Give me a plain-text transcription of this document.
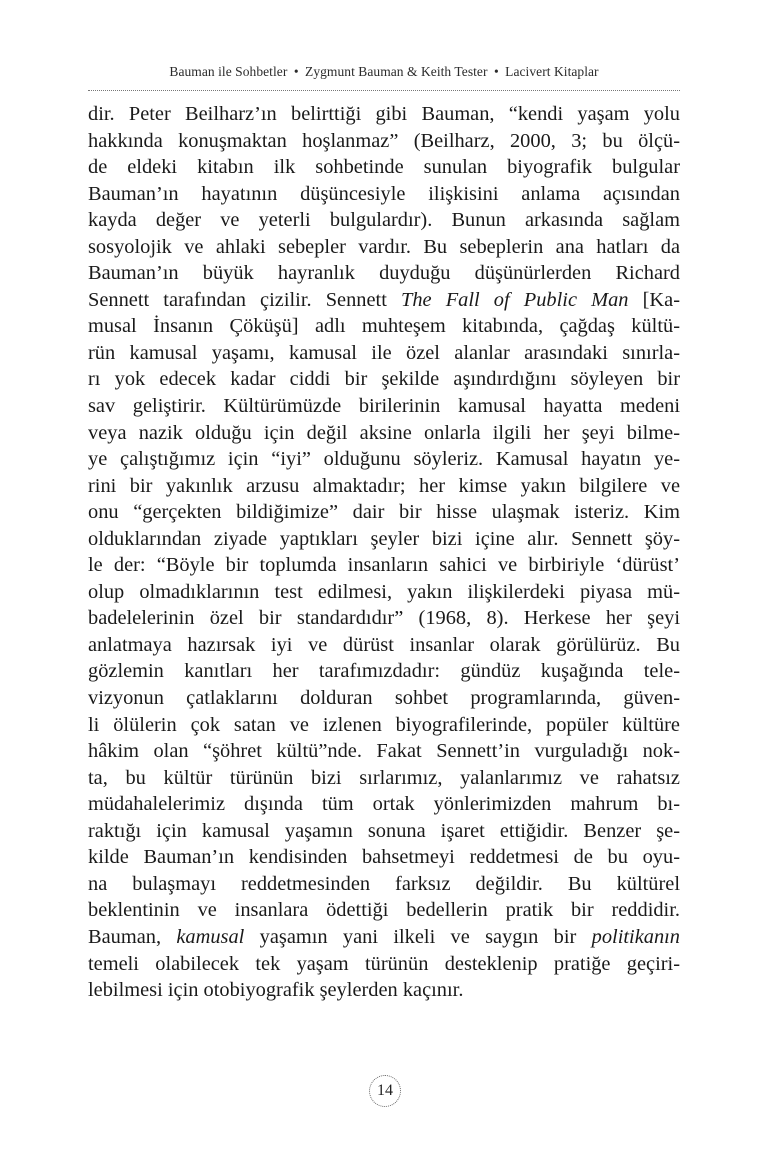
Bauman ile Sohbetler • Zygmunt Bauman & Keith Tester • Lacivert Kitaplar
dir. Peter Beilharz’ın belirttiği gibi Bauman, “kendi yaşam yolu
hakkında konuşmaktan hoşlanmaz” (Beilharz, 2000, 3; bu ölçü-
de eldeki kitabın ilk sohbetinde sunulan biyografik bulgular
Bauman’ın hayatının düşüncesiyle ilişkisini anlama açısından
kayda değer ve yeterli bulgulardır). Bunun arkasında sağlam
sosyolojik ve ahlaki sebepler vardır. Bu sebeplerin ana hatları da
Bauman’ın büyük hayranlık duyduğu düşünürlerden Richard
Sennett tarafından çizilir. Sennett The Fall of Public Man [Ka-
musal İnsanın Çöküşü] adlı muhteşem kitabında, çağdaş kültü-
rün kamusal yaşamı, kamusal ile özel alanlar arasındaki sınırla-
rı yok edecek kadar ciddi bir şekilde aşındırdığını söyleyen bir
sav geliştirir. Kültürümüzde birilerinin kamusal hayatta medeni
veya nazik olduğu için değil aksine onlarla ilgili her şeyi bilme-
ye çalıştığımız için “iyi” olduğunu söyleriz. Kamusal hayatın ye-
rini bir yakınlık arzusu almaktadır; her kimse yakın bilgilere ve
onu “gerçekten bildiğimize” dair bir hisse ulaşmak isteriz. Kim
olduklarından ziyade yaptıkları şeyler bizi içine alır. Sennett şöy-
le der: “Böyle bir toplumda insanların sahici ve birbiriyle ‘dürüst’
olup olmadıklarının test edilmesi, yakın ilişkilerdeki piyasa mü-
badelelerinin özel bir standardıdır” (1968, 8). Herkese her şeyi
anlatmaya hazırsak iyi ve dürüst insanlar olarak görülürüz. Bu
gözlemin kanıtları her tarafımızdadır: gündüz kuşağında tele-
vizyonun çatlaklarını dolduran sohbet programlarında, güven-
li ölülerin çok satan ve izlenen biyografilerinde, popüler kültüre
hâkim olan “şöhret kültü”nde. Fakat Sennett’in vurguladığı nok-
ta, bu kültür türünün bizi sırlarımız, yalanlarımız ve rahatsız
müdahalelerimiz dışında tüm ortak yönlerimizden mahrum bı-
raktığı için kamusal yaşamın sonuna işaret ettiğidir. Benzer şe-
kilde Bauman’ın kendisinden bahsetmeyi reddetmesi de bu oyu-
na bulaşmayı reddetmesinden farksız değildir. Bu kültürel
beklentinin ve insanlara ödettiği bedellerin pratik bir reddidir.
Bauman, kamusal yaşamın yani ilkeli ve saygın bir politikanın
temeli olabilecek tek yaşam türünün desteklenip pratiğe geçiri-
lebilmesi için otobiyografik şeylerden kaçınır.
14
